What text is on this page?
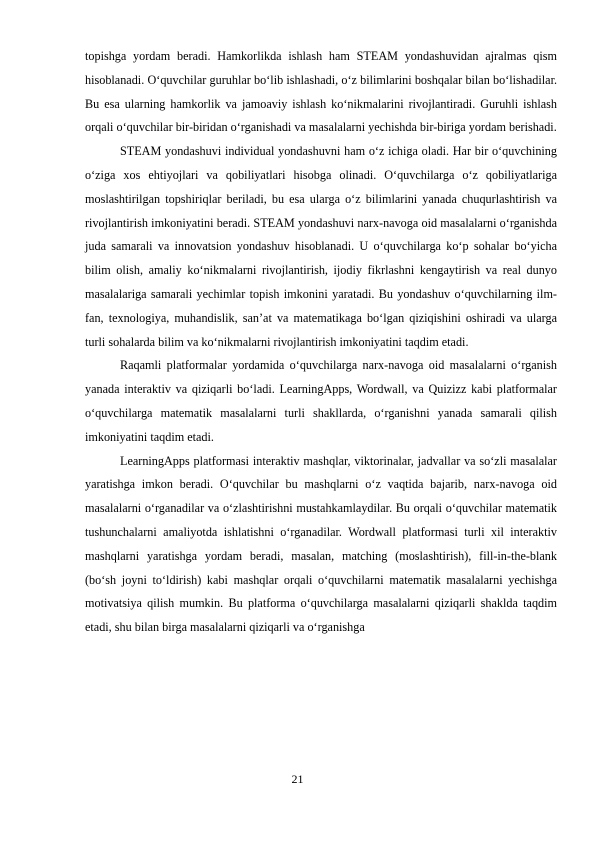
topishga yordam beradi. Hamkorlikda ishlash ham STEAM yondashuvidan ajralmas qism hisoblanadi. O‘quvchilar guruhlar bo‘lib ishlashadi, o‘z bilimlarini boshqalar bilan bo‘lishadilar. Bu esa ularning hamkorlik va jamoaviy ishlash ko‘nikmalarini rivojlantiradi. Guruhli ishlash orqali o‘quvchilar bir-biridan o‘rganishadi va masalalarni yechishda bir-biriga yordam berishadi.

STEAM yondashuvi individual yondashuvni ham o‘z ichiga oladi. Har bir o‘quvchining o‘ziga xos ehtiyojlari va qobiliyatlari hisobga olinadi. O‘quvchilarga o‘z qobiliyatlariga moslashtirilgan topshiriqlar beriladi, bu esa ularga o‘z bilimlarini yanada chuqurlashtirish va rivojlantirish imkoniyatini beradi. STEAM yondashuvi narx-navoga oid masalalarni o‘rganishda juda samarali va innovatsion yondashuv hisoblanadi. U o‘quvchilarga ko‘p sohalar bo‘yicha bilim olish, amaliy ko‘nikmalarni rivojlantirish, ijodiy fikrlashni kengaytirish va real dunyo masalalariga samarali yechimlar topish imkonini yaratadi. Bu yondashuv o‘quvchilarning ilm-fan, texnologiya, muhandislik, san’at va matematikaga bo‘lgan qiziqishini oshiradi va ularga turli sohalarda bilim va ko‘nikmalarni rivojlantirish imkoniyatini taqdim etadi.

Raqamli platformalar yordamida o‘quvchilarga narx-navoga oid masalalarni o‘rganish yanada interaktiv va qiziqarli bo‘ladi. LearningApps, Wordwall, va Quizizz kabi platformalar o‘quvchilarga matematik masalalarni turli shakllarda, o‘rganishni yanada samarali qilish imkoniyatini taqdim etadi.

LearningApps platformasi interaktiv mashqlar, viktorinalar, jadvallar va so‘zli masalalar yaratishga imkon beradi. O‘quvchilar bu mashqlarni o‘z vaqtida bajarib, narx-navoga oid masalalarni o‘rganadilar va o‘zlashtirishni mustahkamlaydilar. Bu orqali o‘quvchilar matematik tushunchalarni amaliyotda ishlatishni o‘rganadilar. Wordwall platformasi turli xil interaktiv mashqlarni yaratishga yordam beradi, masalan, matching (moslashtirish), fill-in-the-blank (bo‘sh joyni to‘ldirish) kabi mashqlar orqali o‘quvchilarni matematik masalalarni yechishga motivatsiya qilish mumkin. Bu platforma o‘quvchilarga masalalarni qiziqarli shaklda taqdim etadi, shu bilan birga masalalarni qiziqarli va o‘rganishga

21
